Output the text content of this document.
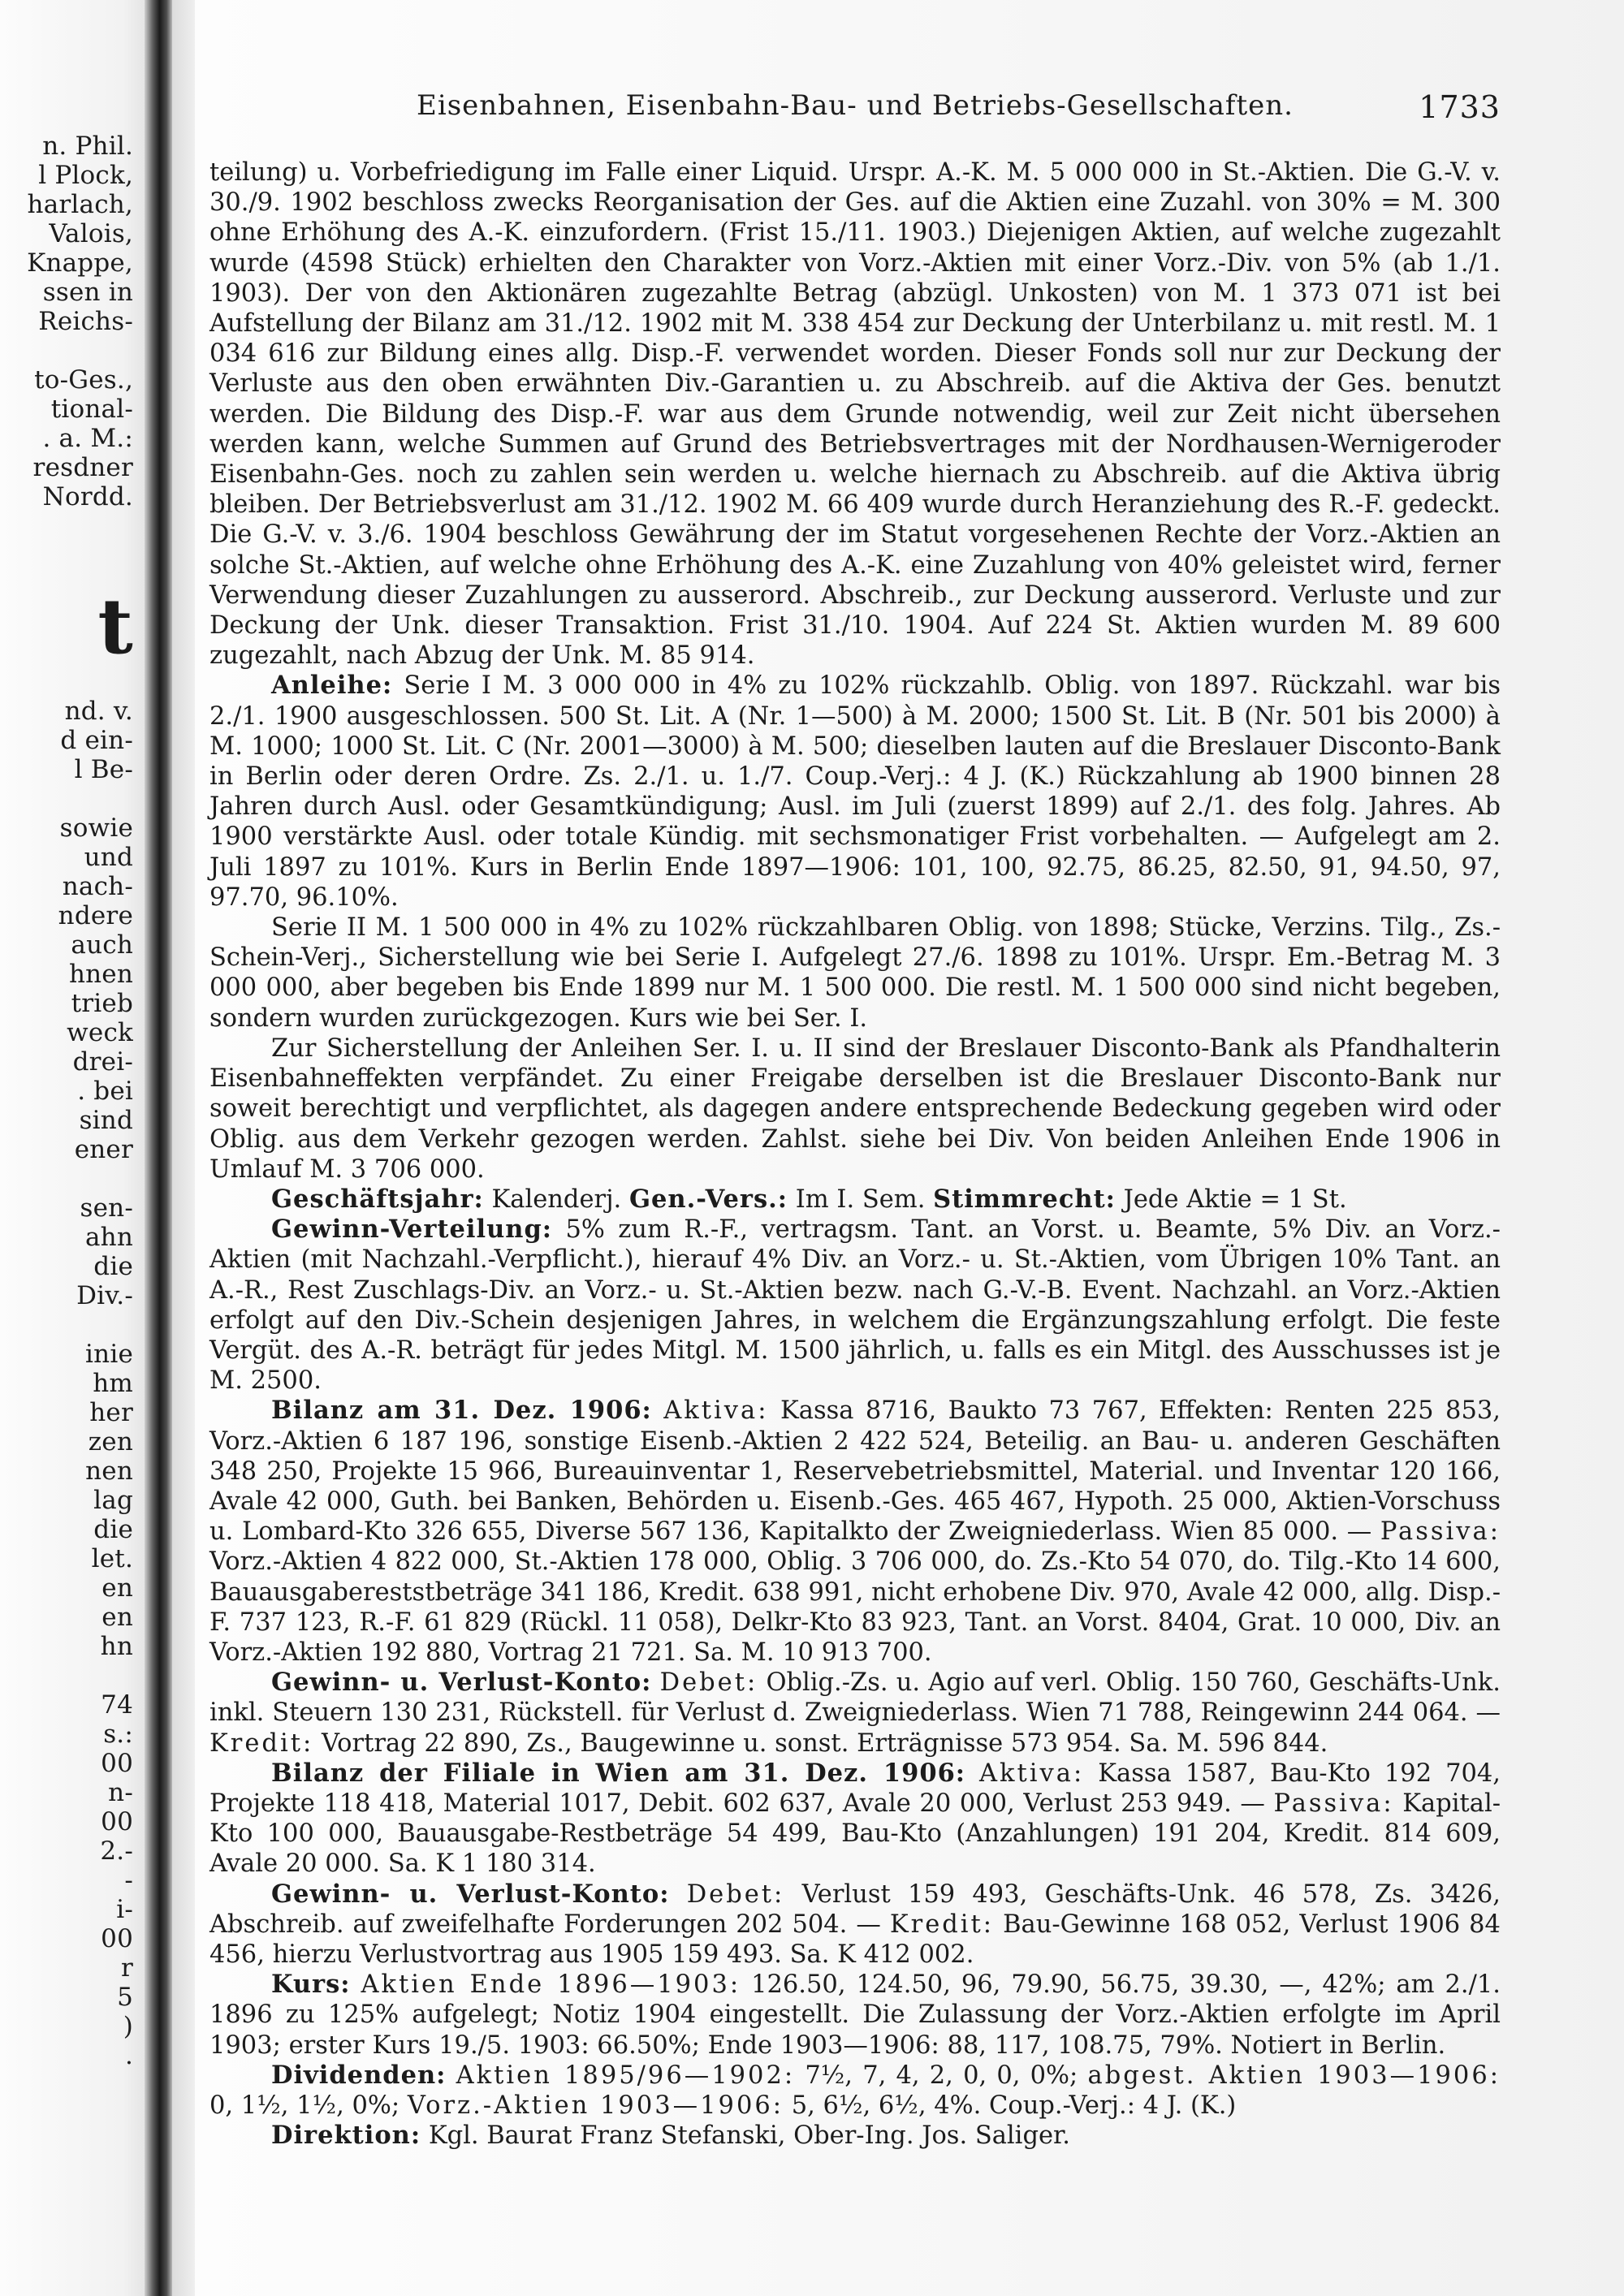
n. Phil.
l Plock,
harlach,
Valois,
Knappe,
ssen in
Reichs-
to-Ges.,
tional-
. a. M.:
resdner
Nordd.
t
nd. v.
d ein-
l Be-
sowie
und
nach-
ndere
auch
hnen
trieb
weck
drei-
. bei
sind
ener
sen-
ahn
die
Div.-
inie
hm
her
zen
nen
lag
die
let.
en
en
hn
74
s.:
00
n-
00
2.-
-
i-
00
r
5
)
.
Eisenbahnen, Eisenbahn-Bau- und Betriebs-Gesellschaften.	1733

teilung) u. Vorbefriedigung im Falle einer Liquid. Urspr. A.-K. M. 5 000 000 in St.-Aktien. Die G.-V. v. 30./9. 1902 beschloss zwecks Reorganisation der Ges. auf die Aktien eine Zuzahl. von 30% = M. 300 ohne Erhöhung des A.-K. einzufordern. (Frist 15./11. 1903.) Diejenigen Aktien, auf welche zugezahlt wurde (4598 Stück) erhielten den Charakter von Vorz.-Aktien mit einer Vorz.-Div. von 5% (ab 1./1. 1903). Der von den Aktionären zugezahlte Betrag (abzügl. Unkosten) von M. 1 373 071 ist bei Aufstellung der Bilanz am 31./12. 1902 mit M. 338 454 zur Deckung der Unterbilanz u. mit restl. M. 1 034 616 zur Bildung eines allg. Disp.-F. verwendet worden. Dieser Fonds soll nur zur Deckung der Verluste aus den oben erwähnten Div.-Garantien u. zu Abschreib. auf die Aktiva der Ges. benutzt werden. Die Bildung des Disp.-F. war aus dem Grunde notwendig, weil zur Zeit nicht übersehen werden kann, welche Summen auf Grund des Betriebsvertrages mit der Nordhausen-Wernigeroder Eisenbahn-Ges. noch zu zahlen sein werden u. welche hiernach zu Abschreib. auf die Aktiva übrig bleiben. Der Betriebsverlust am 31./12. 1902 M. 66 409 wurde durch Heranziehung des R.-F. gedeckt. Die G.-V. v. 3./6. 1904 beschloss Gewährung der im Statut vorgesehenen Rechte der Vorz.-Aktien an solche St.-Aktien, auf welche ohne Erhöhung des A.-K. eine Zuzahlung von 40% geleistet wird, ferner Verwendung dieser Zuzahlungen zu ausserord. Abschreib., zur Deckung ausserord. Verluste und zur Deckung der Unk. dieser Transaktion. Frist 31./10. 1904. Auf 224 St. Aktien wurden M. 89 600 zugezahlt, nach Abzug der Unk. M. 85 914.

Anleihe: Serie I M. 3 000 000 in 4% zu 102% rückzahlb. Oblig. von 1897. Rückzahl. war bis 2./1. 1900 ausgeschlossen. 500 St. Lit. A (Nr. 1—500) à M. 2000; 1500 St. Lit. B (Nr. 501 bis 2000) à M. 1000; 1000 St. Lit. C (Nr. 2001—3000) à M. 500; dieselben lauten auf die Breslauer Disconto-Bank in Berlin oder deren Ordre. Zs. 2./1. u. 1./7. Coup.-Verj.: 4 J. (K.) Rückzahlung ab 1900 binnen 28 Jahren durch Ausl. oder Gesamtkündigung; Ausl. im Juli (zuerst 1899) auf 2./1. des folg. Jahres. Ab 1900 verstärkte Ausl. oder totale Kündig. mit sechsmonatiger Frist vorbehalten. — Aufgelegt am 2. Juli 1897 zu 101%. Kurs in Berlin Ende 1897—1906: 101, 100, 92.75, 86.25, 82.50, 91, 94.50, 97, 97.70, 96.10%.

Serie II M. 1 500 000 in 4% zu 102% rückzahlbaren Oblig. von 1898; Stücke, Verzins. Tilg., Zs.-Schein-Verj., Sicherstellung wie bei Serie I. Aufgelegt 27./6. 1898 zu 101%. Urspr. Em.-Betrag M. 3 000 000, aber begeben bis Ende 1899 nur M. 1 500 000. Die restl. M. 1 500 000 sind nicht begeben, sondern wurden zurückgezogen. Kurs wie bei Ser. I.

Zur Sicherstellung der Anleihen Ser. I. u. II sind der Breslauer Disconto-Bank als Pfandhalterin Eisenbahneffekten verpfändet. Zu einer Freigabe derselben ist die Breslauer Disconto-Bank nur soweit berechtigt und verpflichtet, als dagegen andere entsprechende Bedeckung gegeben wird oder Oblig. aus dem Verkehr gezogen werden. Zahlst. siehe bei Div. Von beiden Anleihen Ende 1906 in Umlauf M. 3 706 000.

Geschäftsjahr: Kalenderj. Gen.-Vers.: Im I. Sem. Stimmrecht: Jede Aktie = 1 St.

Gewinn-Verteilung: 5% zum R.-F., vertragsm. Tant. an Vorst. u. Beamte, 5% Div. an Vorz.-Aktien (mit Nachzahl.-Verpflicht.), hierauf 4% Div. an Vorz.- u. St.-Aktien, vom Übrigen 10% Tant. an A.-R., Rest Zuschlags-Div. an Vorz.- u. St.-Aktien bezw. nach G.-V.-B. Event. Nachzahl. an Vorz.-Aktien erfolgt auf den Div.-Schein desjenigen Jahres, in welchem die Ergänzungszahlung erfolgt. Die feste Vergüt. des A.-R. beträgt für jedes Mitgl. M. 1500 jährlich, u. falls es ein Mitgl. des Ausschusses ist je M. 2500.

Bilanz am 31. Dez. 1906: Aktiva: Kassa 8716, Baukto 73 767, Effekten: Renten 225 853, Vorz.-Aktien 6 187 196, sonstige Eisenb.-Aktien 2 422 524, Beteilig. an Bau- u. anderen Geschäften 348 250, Projekte 15 966, Bureauinventar 1, Reservebetriebsmittel, Material. und Inventar 120 166, Avale 42 000, Guth. bei Banken, Behörden u. Eisenb.-Ges. 465 467, Hypoth. 25 000, Aktien-Vorschuss u. Lombard-Kto 326 655, Diverse 567 136, Kapitalkto der Zweigniederlass. Wien 85 000. — Passiva: Vorz.-Aktien 4 822 000, St.-Aktien 178 000, Oblig. 3 706 000, do. Zs.-Kto 54 070, do. Tilg.-Kto 14 600, Bauausgabereststbeträge 341 186, Kredit. 638 991, nicht erhobene Div. 970, Avale 42 000, allg. Disp.-F. 737 123, R.-F. 61 829 (Rückl. 11 058), Delkr-Kto 83 923, Tant. an Vorst. 8404, Grat. 10 000, Div. an Vorz.-Aktien 192 880, Vortrag 21 721. Sa. M. 10 913 700.

Gewinn- u. Verlust-Konto: Debet: Oblig.-Zs. u. Agio auf verl. Oblig. 150 760, Geschäfts-Unk. inkl. Steuern 130 231, Rückstell. für Verlust d. Zweigniederlass. Wien 71 788, Reingewinn 244 064. — Kredit: Vortrag 22 890, Zs., Baugewinne u. sonst. Erträgnisse 573 954. Sa. M. 596 844.

Bilanz der Filiale in Wien am 31. Dez. 1906: Aktiva: Kassa 1587, Bau-Kto 192 704, Projekte 118 418, Material 1017, Debit. 602 637, Avale 20 000, Verlust 253 949. — Passiva: Kapital-Kto 100 000, Bauausgabe-Restbeträge 54 499, Bau-Kto (Anzahlungen) 191 204, Kredit. 814 609, Avale 20 000. Sa. K 1 180 314.

Gewinn- u. Verlust-Konto: Debet: Verlust 159 493, Geschäfts-Unk. 46 578, Zs. 3426, Abschreib. auf zweifelhafte Forderungen 202 504. — Kredit: Bau-Gewinne 168 052, Verlust 1906 84 456, hierzu Verlustvortrag aus 1905 159 493. Sa. K 412 002.

Kurs: Aktien Ende 1896—1903: 126.50, 124.50, 96, 79.90, 56.75, 39.30, —, 42%; am 2./1. 1896 zu 125% aufgelegt; Notiz 1904 eingestellt. Die Zulassung der Vorz.-Aktien erfolgte im April 1903; erster Kurs 19./5. 1903: 66.50%; Ende 1903—1906: 88, 117, 108.75, 79%. Notiert in Berlin.

Dividenden: Aktien 1895/96—1902: 7½, 7, 4, 2, 0, 0, 0%; abgest. Aktien 1903—1906: 0, 1½, 1½, 0%; Vorz.-Aktien 1903—1906: 5, 6½, 6½, 4%. Coup.-Verj.: 4 J. (K.)

Direktion: Kgl. Baurat Franz Stefanski, Ober-Ing. Jos. Saliger.
